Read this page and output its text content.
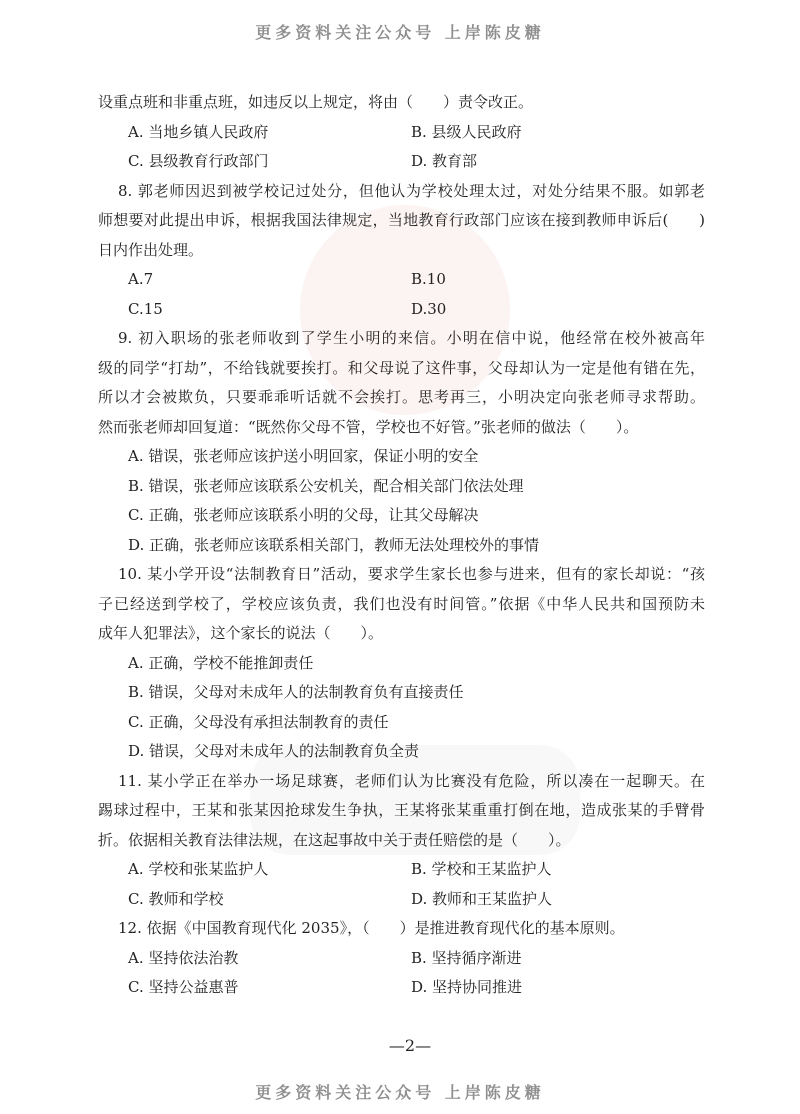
更多资料关注公众号 上岸陈皮糖
设重点班和非重点班，如违反以上规定，将由（　　）责令改正。
A. 当地乡镇人民政府	B. 县级人民政府
C. 县级教育行政部门	D. 教育部
8. 郭老师因迟到被学校记过处分，但他认为学校处理太过，对处分结果不服。如郭老
师想要对此提出申诉，根据我国法律规定，当地教育行政部门应该在接到教师申诉后(　　)
日内作出处理。
A.7	B.10
C.15	D.30
9. 初入职场的张老师收到了学生小明的来信。小明在信中说，他经常在校外被高年
级的同学“打劫”，不给钱就要挨打。和父母说了这件事，父母却认为一定是他有错在先，
所以才会被欺负，只要乖乖听话就不会挨打。思考再三，小明决定向张老师寻求帮助。
然而张老师却回复道：“既然你父母不管，学校也不好管。”张老师的做法（　　）。
A. 错误，张老师应该护送小明回家，保证小明的安全
B. 错误，张老师应该联系公安机关，配合相关部门依法处理
C. 正确，张老师应该联系小明的父母，让其父母解决
D. 正确，张老师应该联系相关部门，教师无法处理校外的事情
10. 某小学开设“法制教育日”活动，要求学生家长也参与进来，但有的家长却说：“孩
子已经送到学校了，学校应该负责，我们也没有时间管。”依据《中华人民共和国预防未
成年人犯罪法》，这个家长的说法（　　）。
A. 正确，学校不能推卸责任
B. 错误，父母对未成年人的法制教育负有直接责任
C. 正确，父母没有承担法制教育的责任
D. 错误，父母对未成年人的法制教育负全责
11. 某小学正在举办一场足球赛，老师们认为比赛没有危险，所以凑在一起聊天。在
踢球过程中，王某和张某因抢球发生争执，王某将张某重重打倒在地，造成张某的手臂骨
折。依据相关教育法律法规，在这起事故中关于责任赔偿的是（　　）。
A. 学校和张某监护人	B. 学校和王某监护人
C. 教师和学校	D. 教师和王某监护人
12. 依据《中国教育现代化 2035》，（　　）是推进教育现代化的基本原则。
A. 坚持依法治教	B. 坚持循序渐进
C. 坚持公益惠普	D. 坚持协同推进
—2—
更多资料关注公众号 上岸陈皮糖
